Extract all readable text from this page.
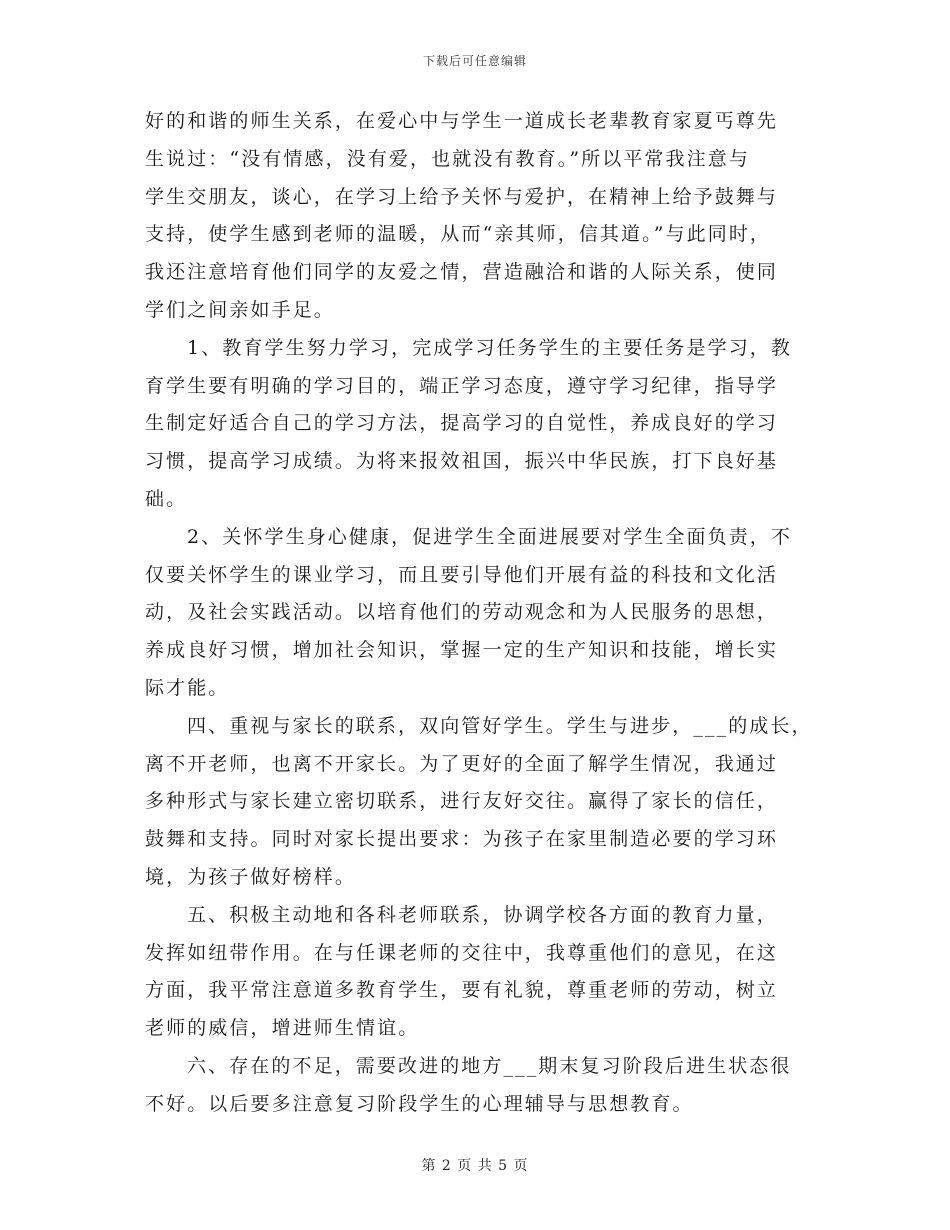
下载后可任意编辑
好的和谐的师生关系，在爱心中与学生一道成长老辈教育家夏丐尊先
生说过：“没有情感，没有爱，也就没有教育。”所以平常我注意与
学生交朋友，谈心，在学习上给予关怀与爱护，在精神上给予鼓舞与
支持，使学生感到老师的温暖，从而“亲其师，信其道。”与此同时，
我还注意培育他们同学的友爱之情，营造融洽和谐的人际关系，使同
学们之间亲如手足。
1、教育学生努力学习，完成学习任务学生的主要任务是学习，教
育学生要有明确的学习目的，端正学习态度，遵守学习纪律，指导学
生制定好适合自己的学习方法，提高学习的自觉性，养成良好的学习
习惯，提高学习成绩。为将来报效祖国，振兴中华民族，打下良好基
础。
2、关怀学生身心健康，促进学生全面进展要对学生全面负责，不
仅要关怀学生的课业学习，而且要引导他们开展有益的科技和文化活
动，及社会实践活动。以培育他们的劳动观念和为人民服务的思想，
养成良好习惯，增加社会知识，掌握一定的生产知识和技能，增长实
际才能。
四、重视与家长的联系，双向管好学生。学生与进步，___的成长，
离不开老师，也离不开家长。为了更好的全面了解学生情况，我通过
多种形式与家长建立密切联系，进行友好交往。赢得了家长的信任，
鼓舞和支持。同时对家长提出要求：为孩子在家里制造必要的学习环
境，为孩子做好榜样。
五、积极主动地和各科老师联系，协调学校各方面的教育力量，
发挥如纽带作用。在与任课老师的交往中，我尊重他们的意见，在这
方面，我平常注意道多教育学生，要有礼貌，尊重老师的劳动，树立
老师的威信，增进师生情谊。
六、存在的不足，需要改进的地方___期末复习阶段后进生状态很
不好。以后要多注意复习阶段学生的心理辅导与思想教育。
第 2 页 共 5 页
